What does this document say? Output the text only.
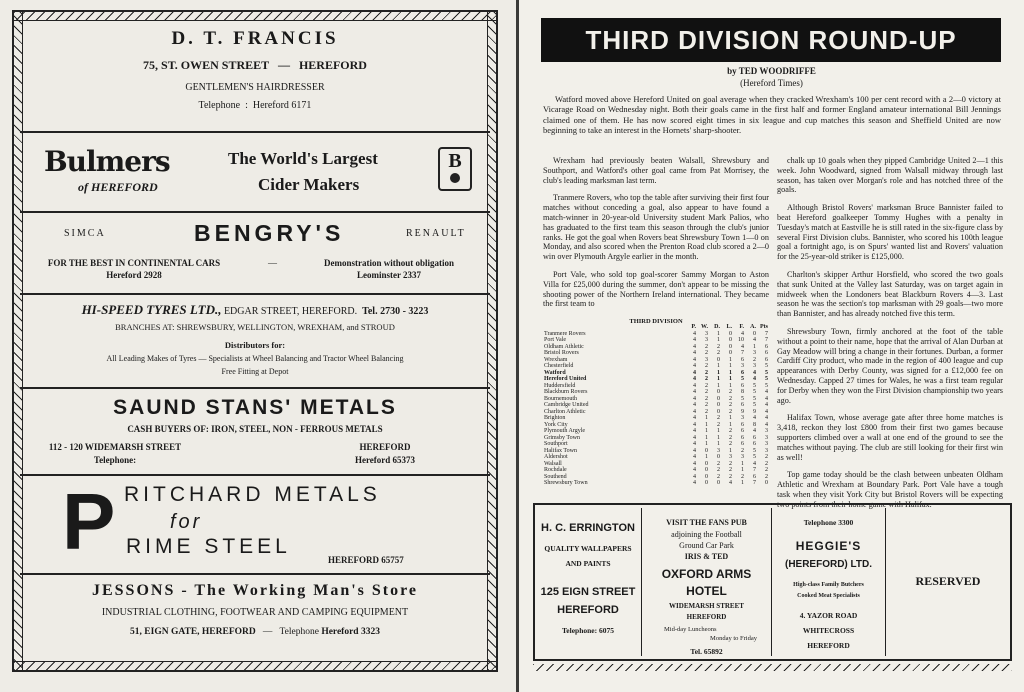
D. T. FRANCIS
75, ST. OWEN STREET — HEREFORD
GENTLEMEN'S HAIRDRESSER
Telephone : Hereford 6171
Bulmers
of HEREFORD
The World's Largest
Cider Makers
B
SIMCA	BENGRY'S	RENAULT
FOR THE BEST IN CONTINENTAL CARS
Hereford 2928
—	Demonstration without obligation
Leominster 2337
HI-SPEED TYRES LTD., EDGAR STREET, HEREFORD. Tel. 2730 - 3223
BRANCHES AT: SHREWSBURY, WELLINGTON, WREXHAM, and STROUD
Distributors for:
All Leading Makes of Tyres — Specialists at Wheel Balancing and Tractor Wheel Balancing
Free Fitting at Depot
SAUND STANS' METALS
CASH BUYERS OF: IRON, STEEL, NON - FERROUS METALS
112 - 120 WIDEMARSH STREET
Telephone:
HEREFORD
Hereford 65373
P RITCHARD METALS
for
RIME STEEL
HEREFORD 65757
JESSONS - The Working Man's Store
INDUSTRIAL CLOTHING, FOOTWEAR AND CAMPING EQUIPMENT
51, EIGN GATE, HEREFORD — Telephone Hereford 3323
THIRD DIVISION ROUND-UP
by TED WOODRIFFE
(Hereford Times)
Watford moved above Hereford United on goal average when they cracked Wrexham's 100 per cent record with a 2—0 victory at Vicarage Road on Wednesday night. Both their goals came in the first half and former England amateur international Bill Jennings claimed one of them. He has now scored eight times in six league and cup matches this season and Sheffield United are now beginning to take an interest in the Hornets' sharp-shooter.

Wrexham had previously beaten Walsall, Shrewsbury and Southport, and Watford's other goal came from Pat Morrisey, the club's leading marksman last term.

Tranmere Rovers, who top the table after surviving their first four matches without conceding a goal, also appear to have found a match-winner in 20-year-old University student Mark Palios, who has graduated to the first team this season through the club's junior ranks. He got the goal when Rovers beat Shrewsbury Town 1—0 on Monday, and also scored when the Prenton Road club scored a 2—0 win over Plymouth Argyle earlier in the month.

Port Vale, who sold top goal-scorer Sammy Morgan to Aston Villa for £25,000 during the summer, don't appear to be missing the shooting power of the Northern Ireland international. They became the first team to

chalk up 10 goals when they pipped Cambridge United 2—1 this week. John Woodward, signed from Walsall midway through last season, has taken over Morgan's role and has notched three of the goals.

Although Bristol Rovers' marksman Bruce Bannister failed to beat Hereford goalkeeper Tommy Hughes with a penalty in Tuesday's match at Eastville he is still rated in the six-figure class by several First Division clubs. Bannister, who scored his 100th league goal a fortnight ago, is on Spurs' wanted list and Rovers' valuation for the 25-year-old striker is £125,000.

Charlton's skipper Arthur Horsfield, who scored the two goals that sunk United at the Valley last Saturday, was on target again in midweek when the Londoners beat Blackburn Rovers 4—3. Last season he was the section's top marksman with 29 goals—two more than Bannister, and has already notched five this term.

Shrewsbury Town, firmly anchored at the foot of the table without a point to their name, hope that the arrival of Alan Durban at Gay Meadow will bring a change in their fortunes. Durban, a former Cardiff City product, who made in the region of 400 league and cup appearances with Derby County, was signed for a £12,000 fee on Wednesday. Capped 27 times for Wales, he was a first team regular for Derby when they won the First Division championship two years ago.

Halifax Town, whose average gate after three home matches is 3,418, reckon they lost £800 from their first two games because supporters climbed over a wall at one end of the ground to see the matches without paying. The club are still looking for their first win as well!

Top game today should be the clash between unbeaten Oldham Athletic and Wrexham at Boundary Park. Port Vale have a tough task when they visit York City but Bristol Rovers will be expecting two points from their home game with Halifax.

THIRD DIVISION
	P.	W.	D.	L.	F.	A.	Pts
Tranmere Rovers	4	3	1	0	4	0	7
Port Vale	4	3	1	0	10	4	7
Oldham Athletic	4	2	2	0	4	1	6
Bristol Rovers	4	2	2	0	7	3	6
Wrexham	4	3	0	1	6	2	6
Chesterfield	4	2	1	1	3	3	5
Watford	4	2	1	1	6	4	5
Hereford United	4	2	1	1	5	4	5
Huddersfield	4	2	1	1	6	5	5
Blackburn Rovers	4	2	0	2	8	5	4
Bournemouth	4	2	0	2	5	5	4
Cambridge United	4	2	0	2	6	5	4
Charlton Athletic	4	2	0	2	9	9	4
Brighton	4	1	2	1	3	4	4
York City	4	1	2	1	6	8	4
Plymouth Argyle	4	1	1	2	6	4	3
Grimsby Town	4	1	1	2	6	6	3
Southport	4	1	1	2	6	6	3
Halifax Town	4	0	3	1	2	5	3
Aldershot	4	1	0	3	3	5	2
Walsall	4	0	2	2	1	4	2
Rochdale	4	0	2	2	1	7	2
Southend	4	0	2	2	2	6	2
Shrewsbury Town	4	0	0	4	1	7	0
H. C. ERRINGTON
QUALITY WALLPAPERS
AND PAINTS
125 EIGN STREET
HEREFORD
Telephone: 6075
VISIT THE FANS PUB
adjoining the Football
Ground Car Park
IRIS & TED
OXFORD ARMS
HOTEL
WIDEMARSH STREET
HEREFORD
Mid-day Luncheons
Monday to Friday
Tel. 65892
Telephone 3300
HEGGIE'S
(HEREFORD) LTD.
High-class Family Butchers
Cooked Meat Specialists
4. YAZOR ROAD
WHITECROSS
HEREFORD
RESERVED
